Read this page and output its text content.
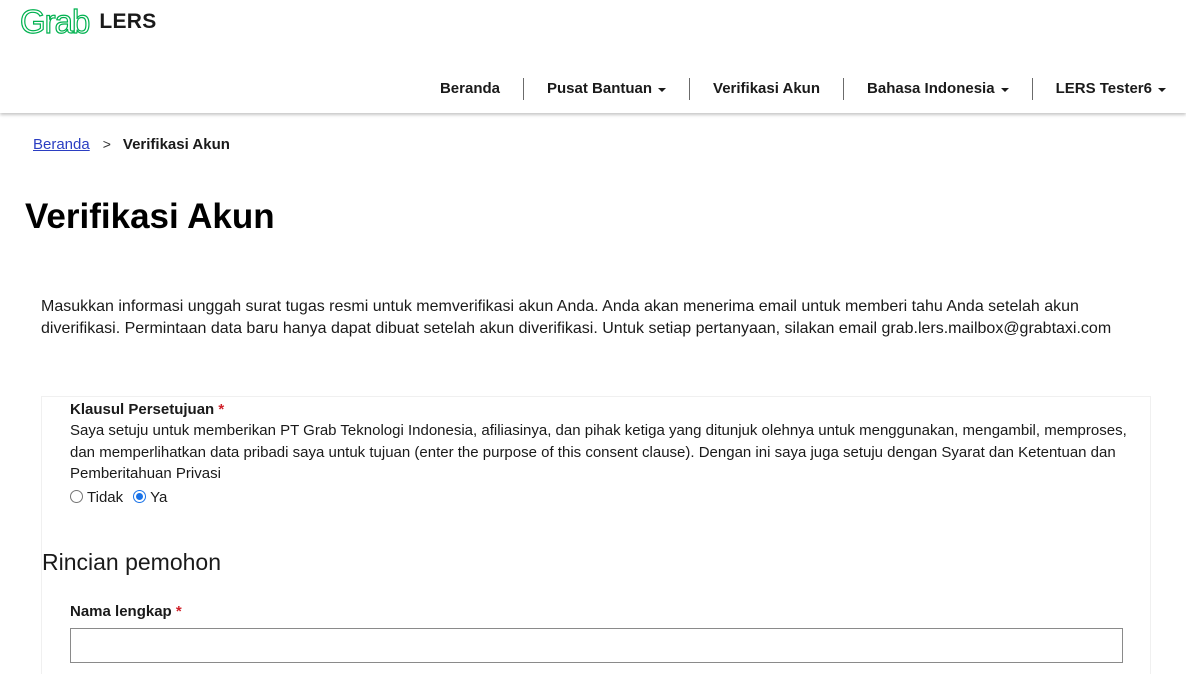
Grab LERS
Beranda	Pusat Bantuan	Verifikasi Akun	Bahasa Indonesia	LERS Tester6
Beranda > Verifikasi Akun
Verifikasi Akun

Masukkan informasi unggah surat tugas resmi untuk memverifikasi akun Anda. Anda akan menerima email untuk memberi tahu Anda setelah akun diverifikasi. Permintaan data baru hanya dapat dibuat setelah akun diverifikasi. Untuk setiap pertanyaan, silakan email grab.lers.mailbox@grabtaxi.com

Klausul Persetujuan *
Saya setuju untuk memberikan PT Grab Teknologi Indonesia, afiliasinya, dan pihak ketiga yang ditunjuk olehnya untuk menggunakan, mengambil, memproses, dan memperlihatkan data pribadi saya untuk tujuan (enter the purpose of this consent clause). Dengan ini saya juga setuju dengan Syarat dan Ketentuan dan Pemberitahuan Privasi
Tidak Ya
Rincian pemohon
Nama lengkap *
